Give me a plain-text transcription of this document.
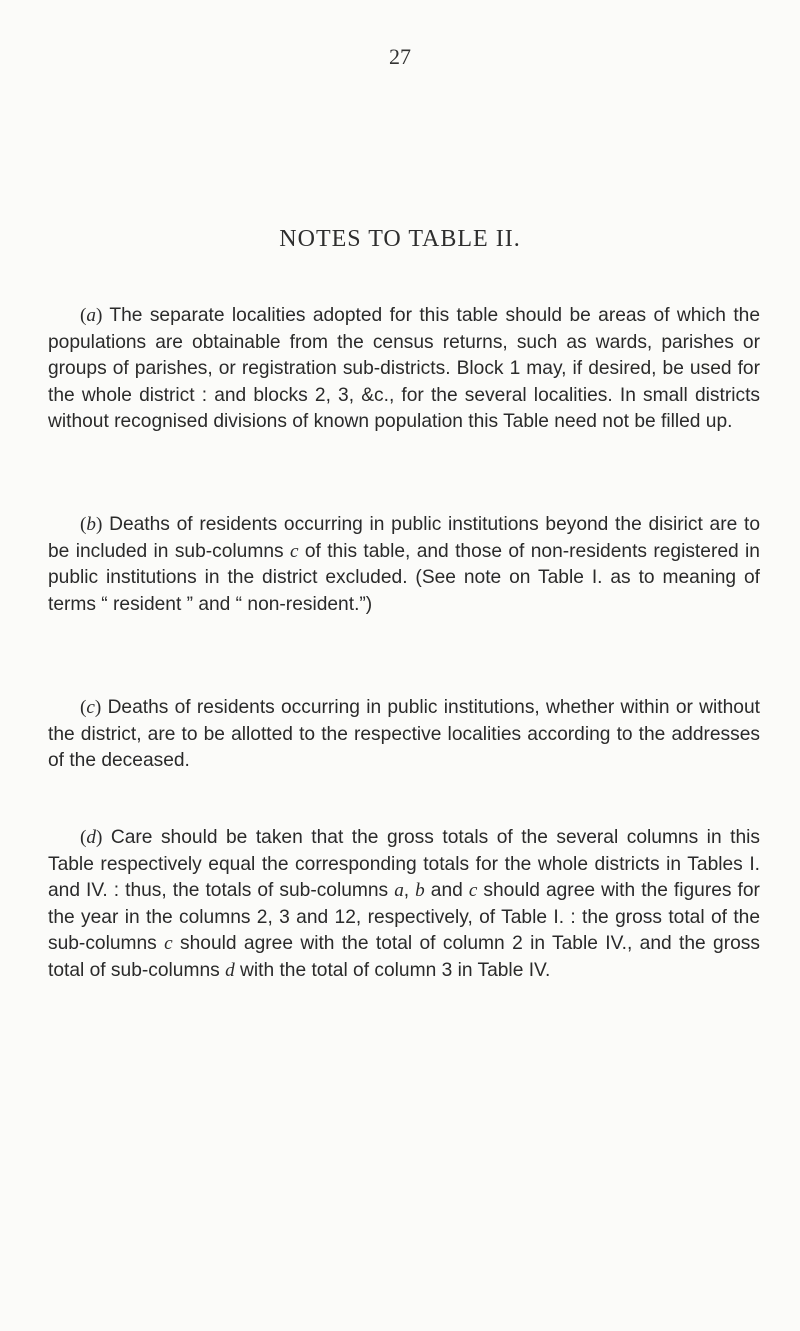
27
NOTES TO TABLE II.

(a) The separate localities adopted for this table should be areas of which the populations are obtainable from the census returns, such as wards, parishes or groups of parishes, or registration sub-districts. Block 1 may, if desired, be used for the whole district : and blocks 2, 3, &c., for the several localities. In small districts without recognised divisions of known population this Table need not be filled up.

(b) Deaths of residents occurring in public institutions beyond the disirict are to be included in sub-columns c of this table, and those of non-residents registered in public institutions in the district excluded. (See note on Table I. as to meaning of terms “ resident ” and “ non-resident.”)

(c) Deaths of residents occurring in public institutions, whether within or without the district, are to be allotted to the respective localities according to the addresses of the deceased.

(d) Care should be taken that the gross totals of the several columns in this Table respectively equal the corresponding totals for the whole districts in Tables I. and IV. : thus, the totals of sub-columns a, b and c should agree with the figures for the year in the columns 2, 3 and 12, respectively, of Table I. : the gross total of the sub-columns c should agree with the total of column 2 in Table IV., and the gross total of sub-columns d with the total of column 3 in Table IV.
